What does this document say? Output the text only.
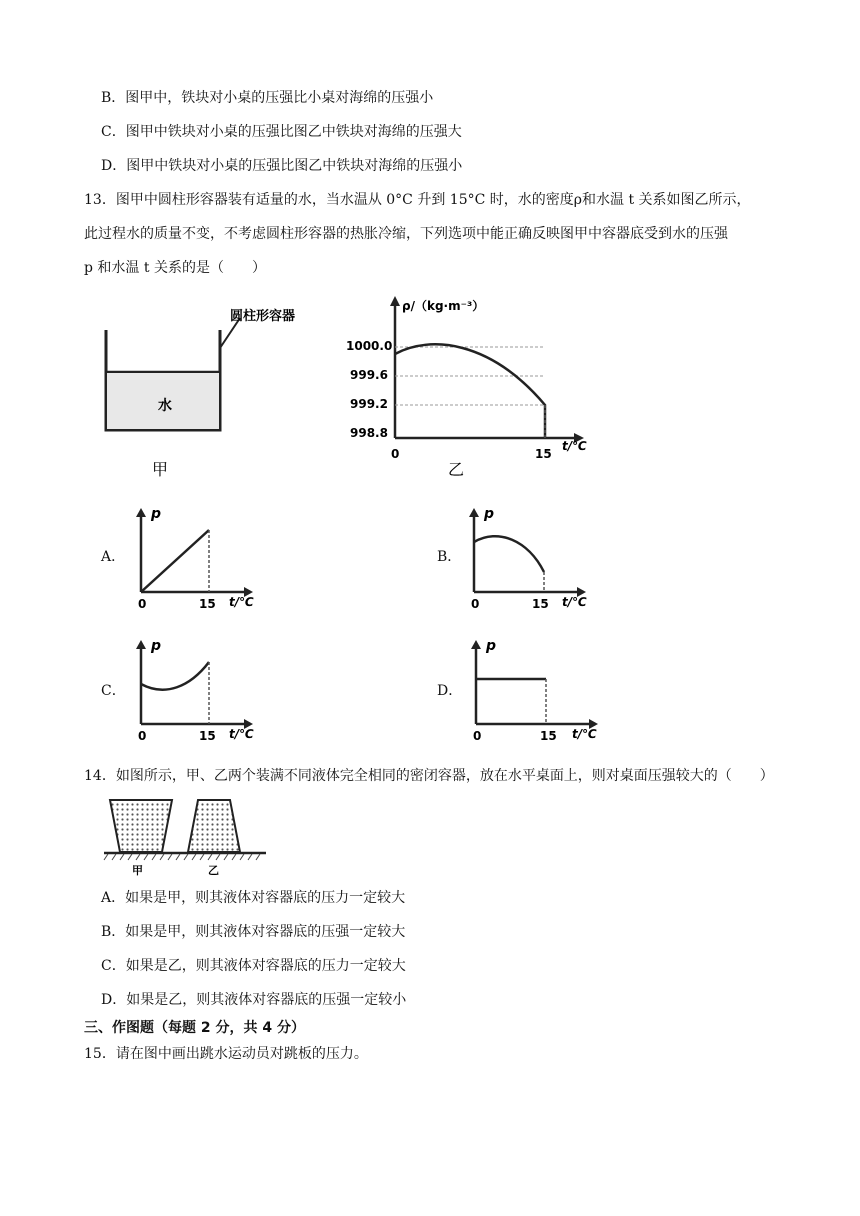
B．图甲中，铁块对小桌的压强比小桌对海绵的压强小
C．图甲中铁块对小桌的压强比图乙中铁块对海绵的压强大
D．图甲中铁块对小桌的压强比图乙中铁块对海绵的压强小
13．图甲中圆柱形容器装有适量的水，当水温从 0°C 升到 15°C 时，水的密度ρ和水温 t 关系如图乙所示，
此过程水的质量不变，不考虑圆柱形容器的热胀冷缩，下列选项中能正确反映图甲中容器底受到水的压强
p 和水温 t 关系的是（　　）
圆柱形容器
水
甲
ρ/（kg·m⁻³）
1000.0
999.6
999.2
998.8
0	15
t/℃
乙
A．
p
0	15 t/℃
B．
p
0	15 t/℃
C．
p
0	15 t/℃
D．
p
0	15 t/℃
14．如图所示，甲、乙两个装满不同液体完全相同的密闭容器，放在水平桌面上，则对桌面压强较大的（　　）
甲	乙
A．如果是甲，则其液体对容器底的压力一定较大
B．如果是甲，则其液体对容器底的压强一定较大
C．如果是乙，则其液体对容器底的压力一定较大
D．如果是乙，则其液体对容器底的压强一定较小
三、作图题（每题 2 分，共 4 分）
15．请在图中画出跳水运动员对跳板的压力。
